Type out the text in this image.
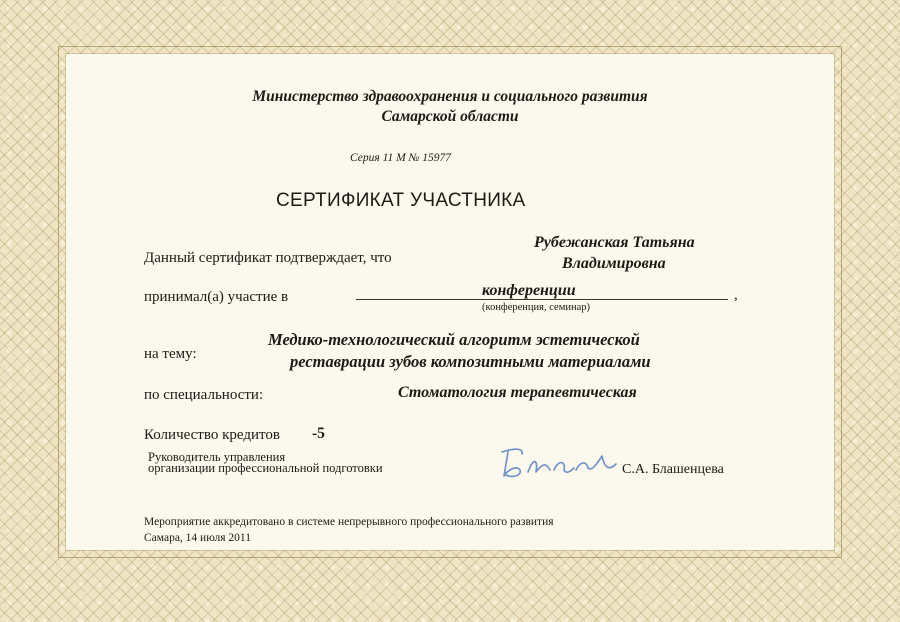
Министерство здравоохранения и социального развития
Самарской области
Серия 11 М № 15977
СЕРТИФИКАТ УЧАСТНИКА
Данный сертификат подтверждает, что
Рубежанская Татьяна
Владимировна
принимал(а) участие в	конференции
(конференция, семинар)
,
на тему:
Медико-технологический алгоритм эстетической
реставрации зубов композитными материалами
по специальности:	Стоматология терапевтическая
Количество кредитов -5
Руководитель управления
организации профессиональной подготовки	С.А. Блашенцева
Мероприятие аккредитовано в системе непрерывного профессионального развития
Самара, 14 июля 2011
